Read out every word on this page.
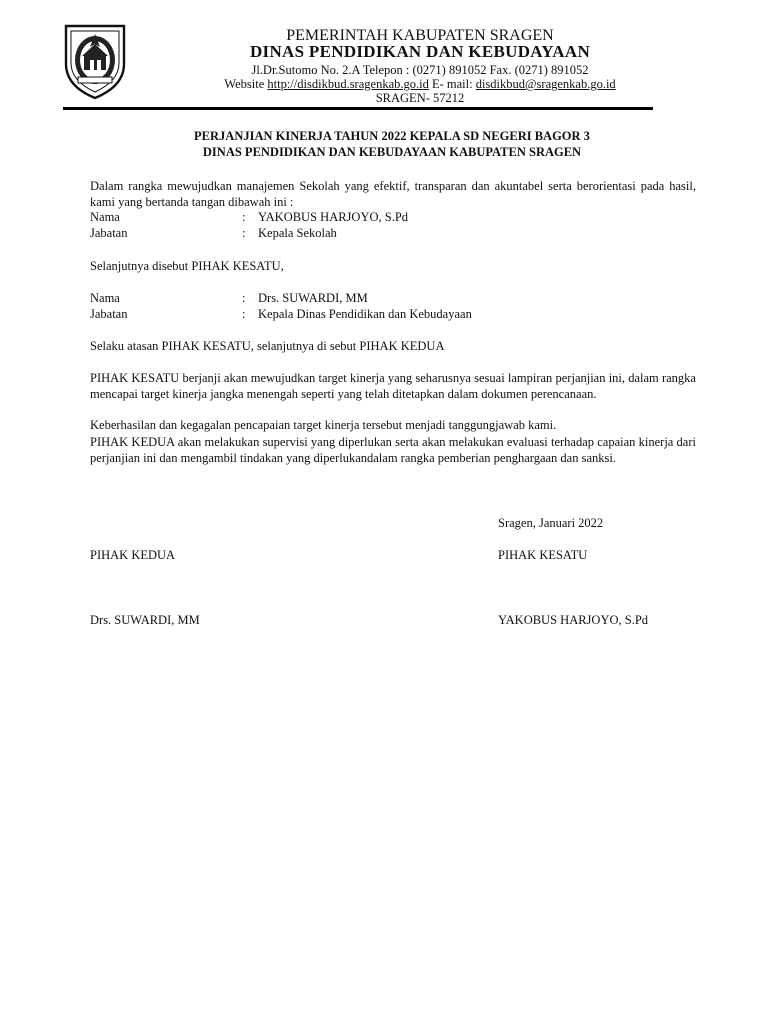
PEMERINTAH KABUPATEN SRAGEN
DINAS PENDIDIKAN DAN KEBUDAYAAN
Jl.Dr.Sutomo No. 2.A Telepon : (0271) 891052 Fax. (0271) 891052
Website http://disdikbud.sragenkab.go.id E- mail: disdikbud@sragenkab.go.id
SRAGEN- 57212
PERJANJIAN KINERJA TAHUN 2022 KEPALA SD NEGERI BAGOR 3
DINAS PENDIDIKAN DAN KEBUDAYAAN KABUPATEN SRAGEN
Dalam rangka mewujudkan manajemen Sekolah yang efektif, transparan dan akuntabel serta berorientasi pada hasil, kami yang bertanda tangan dibawah ini :
Nama	: YAKOBUS HARJOYO, S.Pd
Jabatan	: Kepala Sekolah
Selanjutnya disebut PIHAK KESATU,
Nama	: Drs. SUWARDI, MM
Jabatan	: Kepala Dinas Pendidikan dan Kebudayaan
Selaku atasan PIHAK KESATU, selanjutnya di sebut PIHAK KEDUA
PIHAK KESATU berjanji akan mewujudkan target kinerja yang seharusnya sesuai lampiran perjanjian ini, dalam rangka mencapai target kinerja jangka menengah seperti yang telah ditetapkan dalam dokumen perencanaan.
Keberhasilan dan kegagalan pencapaian target kinerja tersebut menjadi tanggungjawab kami.
PIHAK KEDUA akan melakukan supervisi yang diperlukan serta akan melakukan evaluasi terhadap capaian kinerja dari perjanjian ini dan mengambil tindakan yang diperlukandalam rangka pemberian penghargaan dan sanksi.
Sragen, Januari 2022
PIHAK KEDUA	PIHAK KESATU
Drs. SUWARDI, MM	YAKOBUS HARJOYO, S.Pd
